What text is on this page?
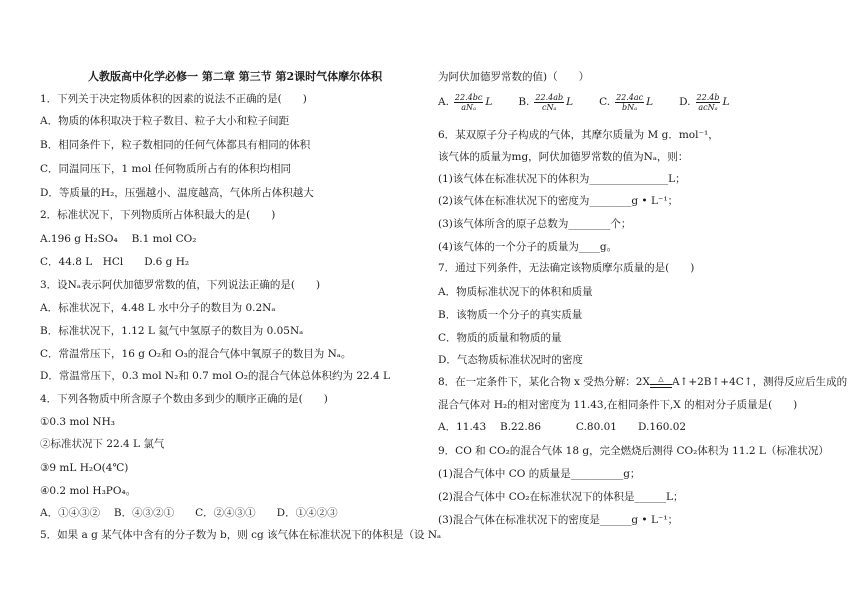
人教版高中化学必修一 第二章 第三节 第2课时气体摩尔体积
1．下列关于决定物质体积的因素的说法不正确的是(　　)
A．物质的体积取决于粒子数目、粒子大小和粒子间距
B．相同条件下，粒子数相同的任何气体都具有相同的体积
C．同温同压下，1 mol 任何物质所占有的体积均相同
D．等质量的H₂，压强越小、温度越高，气体所占体积越大
2．标准状况下，下列物质所占体积最大的是(　　)
A.196 g H₂SO₄　 B.1 mol CO₂
C．44.8 L　HCl　　D.6 g H₂
3．设Nₐ表示阿伏加德罗常数的值，下列说法正确的是(　　)
A．标准状况下，4.48 L 水中分子的数目为 0.2Nₐ
B．标准状况下，1.12 L 氦气中氢原子的数目为 0.05Nₐ
C．常温常压下，16 g O₂和 O₃的混合气体中氧原子的数目为 Nₐ。
D．常温常压下，0.3 mol N₂和 0.7 mol O₂的混合气体总体积约为 22.4 L
4．下列各物质中所含原子个数由多到少的顺序正确的是(　　)
①0.3 mol NH₃
②标准状况下 22.4 L 氯气
③9 mL H₂O(4℃)
④0.2 mol H₃PO₄。
A．①④③②　 B．④③②①　　C．②④③①　　D．①④②③
5．如果 a g 某气体中含有的分子数为 b，则 cg 该气体在标准状况下的体积是（设 Nₐ
为阿伏加德罗常数的值)（　　）
A. $\frac{22.4bc}{\text{aNₐ}}$ L B. $\frac{22.4ab}{\text{cNₐ}}$ L C. $\frac{22.4ac}{\text{bNₐ}}$ L D. $\frac{22.4b}{\text{acNₐ}}$ L
6．某双原子分子构成的气体，其摩尔质量为 M g．mol⁻¹，
该气体的质量为mg，阿伏加德罗常数的值为Nₐ，则：
(1)该气体在标准状况下的体积为_______________L；
(2)该气体在标准状况下的密度为________g • L⁻¹；
(3)该气体所含的原子总数为________个；
(4)该气体的一个分子的质量为____g。
7．通过下列条件，无法确定该物质摩尔质量的是(　　)
A．物质标准状况下的体积和质量
B．该物质一个分子的真实质量
C．物质的质量和物质的量
D．气态物质标准状况时的密度
8．在一定条件下，某化合物 x 受热分解：2X	△ A↑+2B↑+4C↑，测得反应后生成的
混合气体对 H₂的相对密度为 11.43,在相同条件下,X 的相对分子质量是(　　)
A．11.43　 B.22.86　　　 C.80.01　　D.160.02
9．CO 和 CO₂的混合气体 18 g，完全燃烧后测得 CO₂体积为 11.2 L（标准状况）
(1)混合气体中 CO 的质量是__________g；
(2)混合气体中 CO₂在标准状况下的体积是______L；
(3)混合气体在标准状况下的密度是______g • L⁻¹；
